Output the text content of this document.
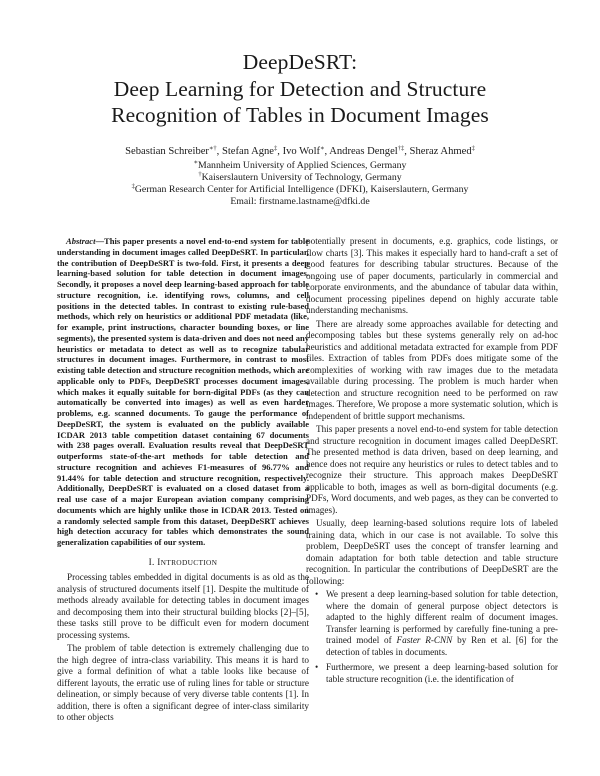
DeepDeSRT:
Deep Learning for Detection and Structure
Recognition of Tables in Document Images
Sebastian Schreiber∗†, Stefan Agne‡, Ivo Wolf∗, Andreas Dengel†‡, Sheraz Ahmed‡
∗Mannheim University of Applied Sciences, Germany
†Kaiserslautern University of Technology, Germany
‡German Research Center for Artificial Intelligence (DFKI), Kaiserslautern, Germany
Email: firstname.lastname@dfki.de

Abstract—This paper presents a novel end-to-end system for table understanding in document images called DeepDeSRT. In particular, the contribution of DeepDeSRT is two-fold. First, it presents a deep learning-based solution for table detection in document images. Secondly, it proposes a novel deep learning-based approach for table structure recognition, i.e. identifying rows, columns, and cell positions in the detected tables. In contrast to existing rule-based methods, which rely on heuristics or additional PDF metadata (like, for example, print instructions, character bounding boxes, or line segments), the presented system is data-driven and does not need any heuristics or metadata to detect as well as to recognize tabular structures in document images. Furthermore, in contrast to most existing table detection and structure recognition methods, which are applicable only to PDFs, DeepDeSRT processes document images, which makes it equally suitable for born-digital PDFs (as they can automatically be converted into images) as well as even harder problems, e.g. scanned documents. To gauge the performance of DeepDeSRT, the system is evaluated on the publicly available ICDAR 2013 table competition dataset containing 67 documents with 238 pages overall. Evaluation results reveal that DeepDeSRT outperforms state-of-the-art methods for table detection and structure recognition and achieves F1-measures of 96.77% and 91.44% for table detection and structure recognition, respectively. Additionally, DeepDeSRT is evaluated on a closed dataset from a real use case of a major European aviation company comprising documents which are highly unlike those in ICDAR 2013. Tested on a randomly selected sample from this dataset, DeepDeSRT achieves high detection accuracy for tables which demonstrates the sound generalization capabilities of our system.

I. INTRODUCTION

Processing tables embedded in digital documents is as old as the analysis of structured documents itself [1]. Despite the multitude of methods already available for detecting tables in document images and decomposing them into their structural building blocks [2]–[5], these tasks still prove to be difficult even for modern document processing systems.

The problem of table detection is extremely challenging due to the high degree of intra-class variability. This means it is hard to give a formal definition of what a table looks like because of different layouts, the erratic use of ruling lines for table or structure delineation, or simply because of very diverse table contents [1]. In addition, there is often a significant degree of inter-class similarity to other objects

potentially present in documents, e.g. graphics, code listings, or flow charts [3]. This makes it especially hard to hand-craft a set of good features for describing tabular structures. Because of the ongoing use of paper documents, particularly in commercial and corporate environments, and the abundance of tabular data within, document processing pipelines depend on highly accurate table understanding mechanisms.

There are already some approaches available for detecting and decomposing tables but these systems generally rely on ad-hoc heuristics and additional metadata extracted for example from PDF files. Extraction of tables from PDFs does mitigate some of the complexities of working with raw images due to the metadata available during processing. The problem is much harder when detection and structure recognition need to be performed on raw images. Therefore, We propose a more systematic solution, which is independent of brittle support mechanisms.

This paper presents a novel end-to-end system for table detection and structure recognition in document images called DeepDeSRT. The presented method is data driven, based on deep learning, and hence does not require any heuristics or rules to detect tables and to recognize their structure. This approach makes DeepDeSRT applicable to both, images as well as born-digital documents (e.g. PDFs, Word documents, and web pages, as they can be converted to images).

Usually, deep learning-based solutions require lots of labeled training data, which in our case is not available. To solve this problem, DeepDeSRT uses the concept of transfer learning and domain adaptation for both table detection and table structure recognition. In particular the contributions of DeepDeSRT are the following:

• We present a deep learning-based solution for table detection, where the domain of general purpose object detectors is adapted to the highly different realm of document images. Transfer learning is performed by carefully fine-tuning a pre-trained model of Faster R-CNN by Ren et al. [6] for the detection of tables in documents.
• Furthermore, we present a deep learning-based solution for table structure recognition (i.e. the identification of
